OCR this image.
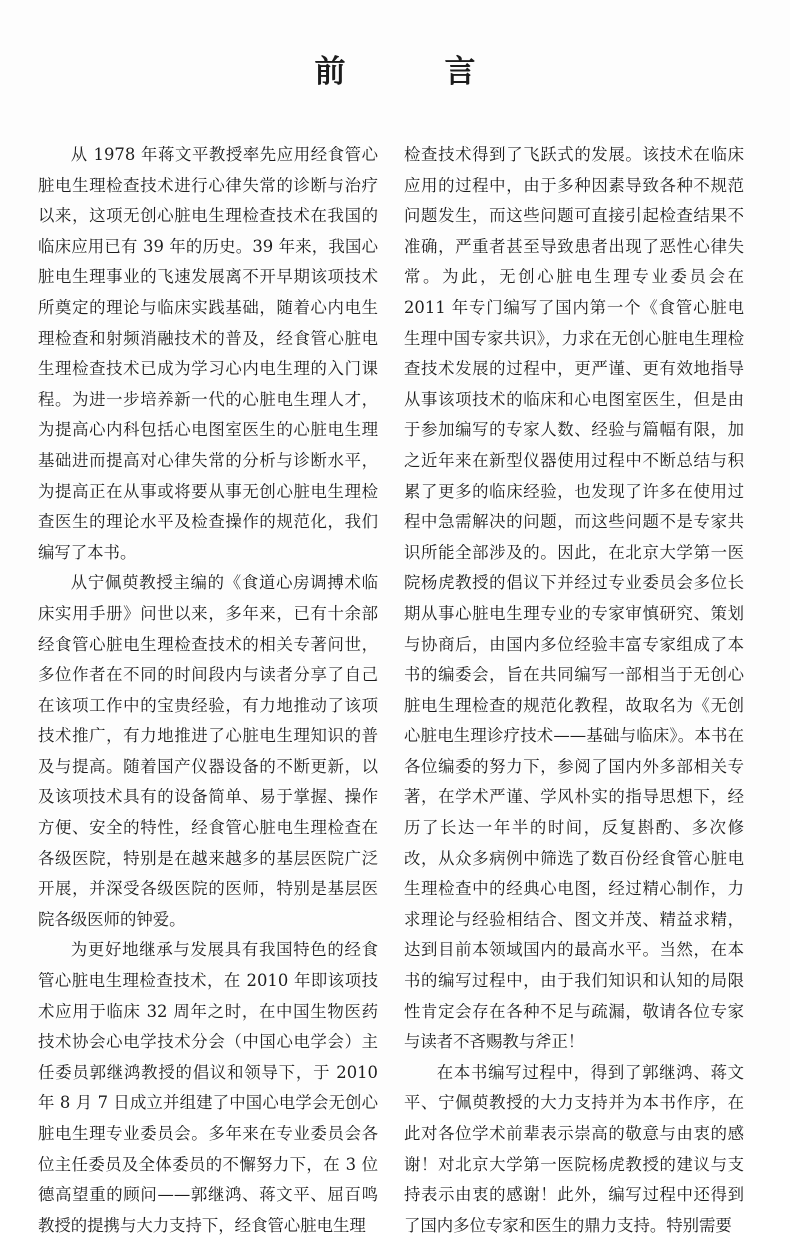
前　言

从 1978 年蒋文平教授率先应用经食管心脏电生理检查技术进行心律失常的诊断与治疗以来，这项无创心脏电生理检查技术在我国的临床应用已有 39 年的历史。39 年来，我国心脏电生理事业的飞速发展离不开早期该项技术所奠定的理论与临床实践基础，随着心内电生理检查和射频消融技术的普及，经食管心脏电生理检查技术已成为学习心内电生理的入门课程。为进一步培养新一代的心脏电生理人才，为提高心内科包括心电图室医生的心脏电生理基础进而提高对心律失常的分析与诊断水平，为提高正在从事或将要从事无创心脏电生理检查医生的理论水平及检查操作的规范化，我们编写了本书。

从宁佩萸教授主编的《食道心房调搏术临床实用手册》问世以来，多年来，已有十余部经食管心脏电生理检查技术的相关专著问世，多位作者在不同的时间段内与读者分享了自己在该项工作中的宝贵经验，有力地推动了该项技术推广，有力地推进了心脏电生理知识的普及与提高。随着国产仪器设备的不断更新，以及该项技术具有的设备简单、易于掌握、操作方便、安全的特性，经食管心脏电生理检查在各级医院，特别是在越来越多的基层医院广泛开展，并深受各级医院的医师，特别是基层医院各级医师的钟爱。

为更好地继承与发展具有我国特色的经食管心脏电生理检查技术，在 2010 年即该项技术应用于临床 32 周年之时，在中国生物医药技术协会心电学技术分会（中国心电学会）主任委员郭继鸿教授的倡议和领导下，于 2010 年 8 月 7 日成立并组建了中国心电学会无创心脏电生理专业委员会。多年来在专业委员会各位主任委员及全体委员的不懈努力下，在 3 位德高望重的顾问——郭继鸿、蒋文平、屈百鸣教授的提携与大力支持下，经食管心脏电生理

检查技术得到了飞跃式的发展。该技术在临床应用的过程中，由于多种因素导致各种不规范问题发生，而这些问题可直接引起检查结果不准确，严重者甚至导致患者出现了恶性心律失常。为此，无创心脏电生理专业委员会在 2011 年专门编写了国内第一个《食管心脏电生理中国专家共识》，力求在无创心脏电生理检查技术发展的过程中，更严谨、更有效地指导从事该项技术的临床和心电图室医生，但是由于参加编写的专家人数、经验与篇幅有限，加之近年来在新型仪器使用过程中不断总结与积累了更多的临床经验，也发现了许多在使用过程中急需解决的问题，而这些问题不是专家共识所能全部涉及的。因此，在北京大学第一医院杨虎教授的倡议下并经过专业委员会多位长期从事心脏电生理专业的专家审慎研究、策划与协商后，由国内多位经验丰富专家组成了本书的编委会，旨在共同编写一部相当于无创心脏电生理检查的规范化教程，故取名为《无创心脏电生理诊疗技术——基础与临床》。本书在各位编委的努力下，参阅了国内外多部相关专著，在学术严谨、学风朴实的指导思想下，经历了长达一年半的时间，反复斟酌、多次修改，从众多病例中筛选了数百份经食管心脏电生理检查中的经典心电图，经过精心制作，力求理论与经验相结合、图文并茂、精益求精，达到目前本领域国内的最高水平。当然，在本书的编写过程中，由于我们知识和认知的局限性肯定会存在各种不足与疏漏，敬请各位专家与读者不吝赐教与斧正！

在本书编写过程中，得到了郭继鸿、蒋文平、宁佩萸教授的大力支持并为本书作序，在此对各位学术前辈表示崇高的敬意与由衷的感谢！对北京大学第一医院杨虎教授的建议与支持表示由衷的感谢！此外，编写过程中还得到了国内多位专家和医生的鼎力支持。特别需要
